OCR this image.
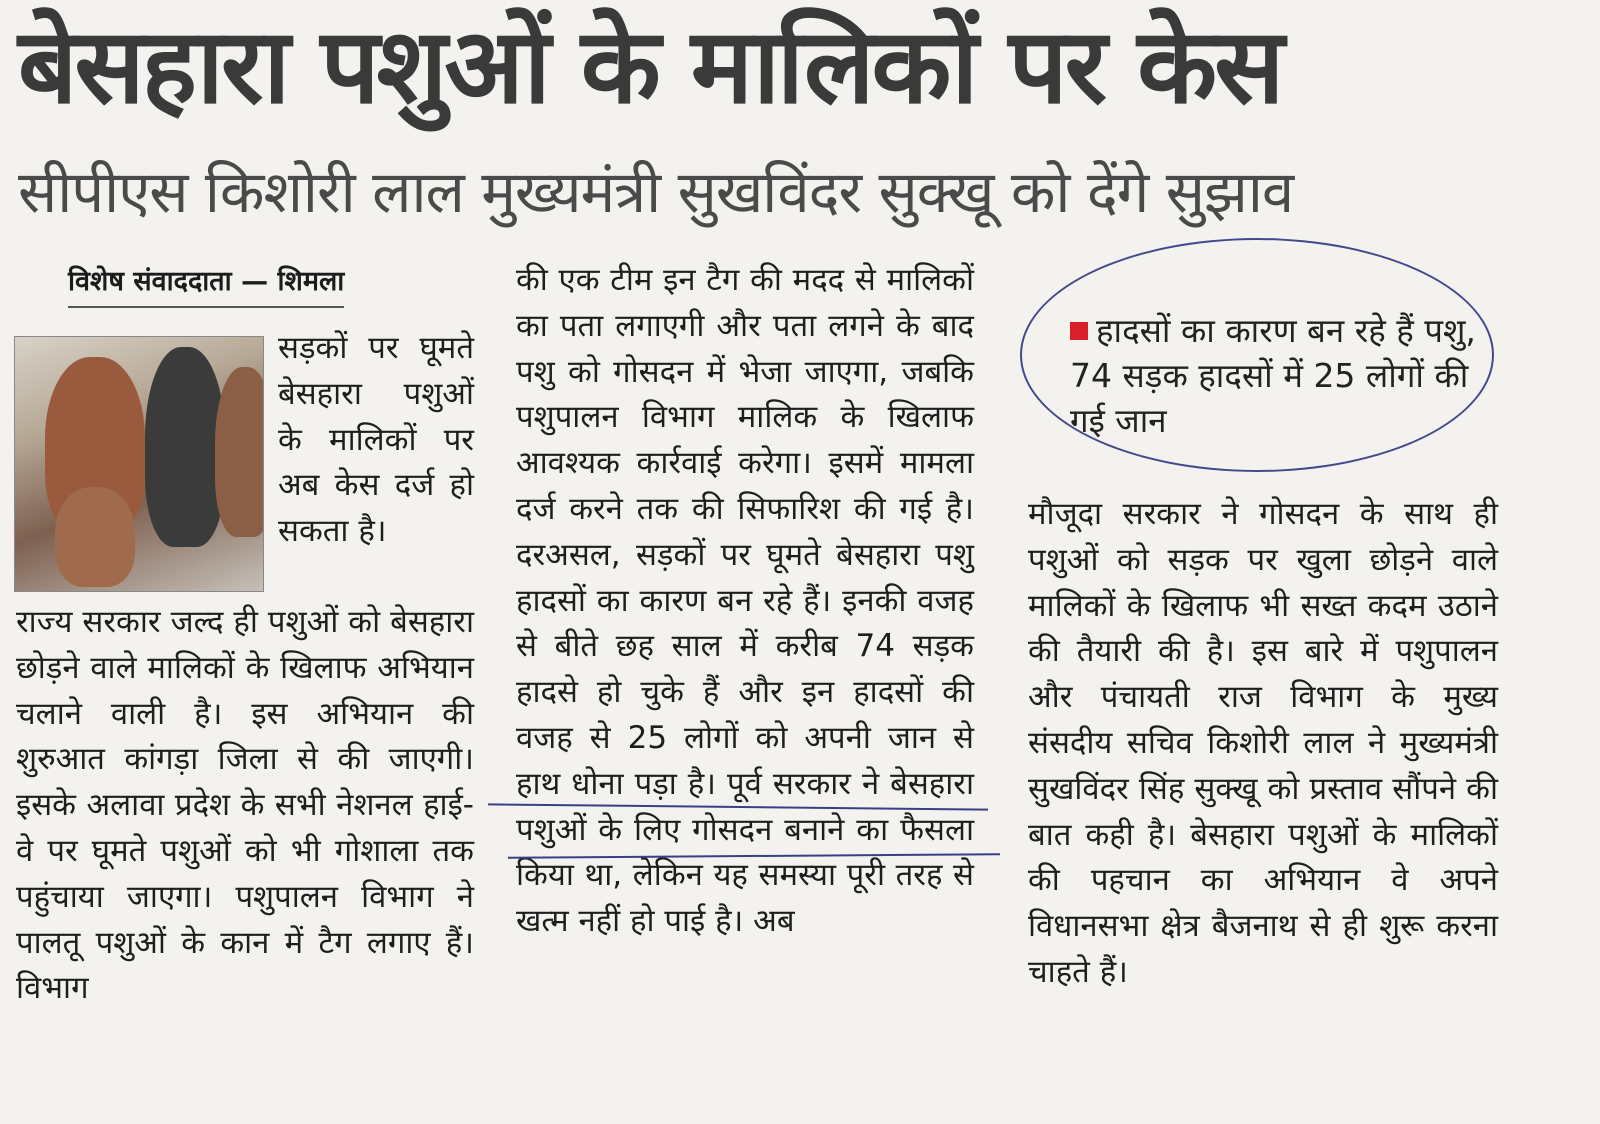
बेसहारा पशुओं के मालिकों पर केस
सीपीएस किशोरी लाल मुख्यमंत्री सुखविंदर सुक्खू को देंगे सुझाव
विशेष संवाददाता — शिमला
सड़कों पर घूमते बेसहारा पशुओं के मालिकों पर अब केस दर्ज हो सकता है।
राज्य सरकार जल्द ही पशुओं को बेसहारा छोड़ने वाले मालिकों के खिलाफ अभियान चलाने वाली है। इस अभियान की शुरुआत कांगड़ा जिला से की जाएगी। इसके अलावा प्रदेश के सभी नेशनल हाई-वे पर घूमते पशुओं को भी गोशाला तक पहुंचाया जाएगा। पशुपालन विभाग ने पालतू पशुओं के कान में टैग लगाए हैं। विभाग
की एक टीम इन टैग की मदद से मालिकों का पता लगाएगी और पता लगने के बाद पशु को गोसदन में भेजा जाएगा, जबकि पशुपालन विभाग मालिक के खिलाफ आवश्यक कार्रवाई करेगा। इसमें मामला दर्ज करने तक की सिफारिश की गई है। दरअसल, सड़कों पर घूमते बेसहारा पशु हादसों का कारण बन रहे हैं। इनकी वजह से बीते छह साल में करीब 74 सड़क हादसे हो चुके हैं और इन हादसों की वजह से 25 लोगों को अपनी जान से हाथ धोना पड़ा है। पूर्व सरकार ने बेसहारा पशुओं के लिए गोसदन बनाने का फैसला किया था, लेकिन यह समस्या पूरी तरह से खत्म नहीं हो पाई है। अब
हादसों का कारण बन रहे हैं पशु, 74 सड़क हादसों में 25 लोगों की गई जान
मौजूदा सरकार ने गोसदन के साथ ही पशुओं को सड़क पर खुला छोड़ने वाले मालिकों के खिलाफ भी सख्त कदम उठाने की तैयारी की है। इस बारे में पशुपालन और पंचायती राज विभाग के मुख्य संसदीय सचिव किशोरी लाल ने मुख्यमंत्री सुखविंदर सिंह सुक्खू को प्रस्ताव सौंपने की बात कही है। बेसहारा पशुओं के मालिकों की पहचान का अभियान वे अपने विधानसभा क्षेत्र बैजनाथ से ही शुरू करना चाहते हैं।
